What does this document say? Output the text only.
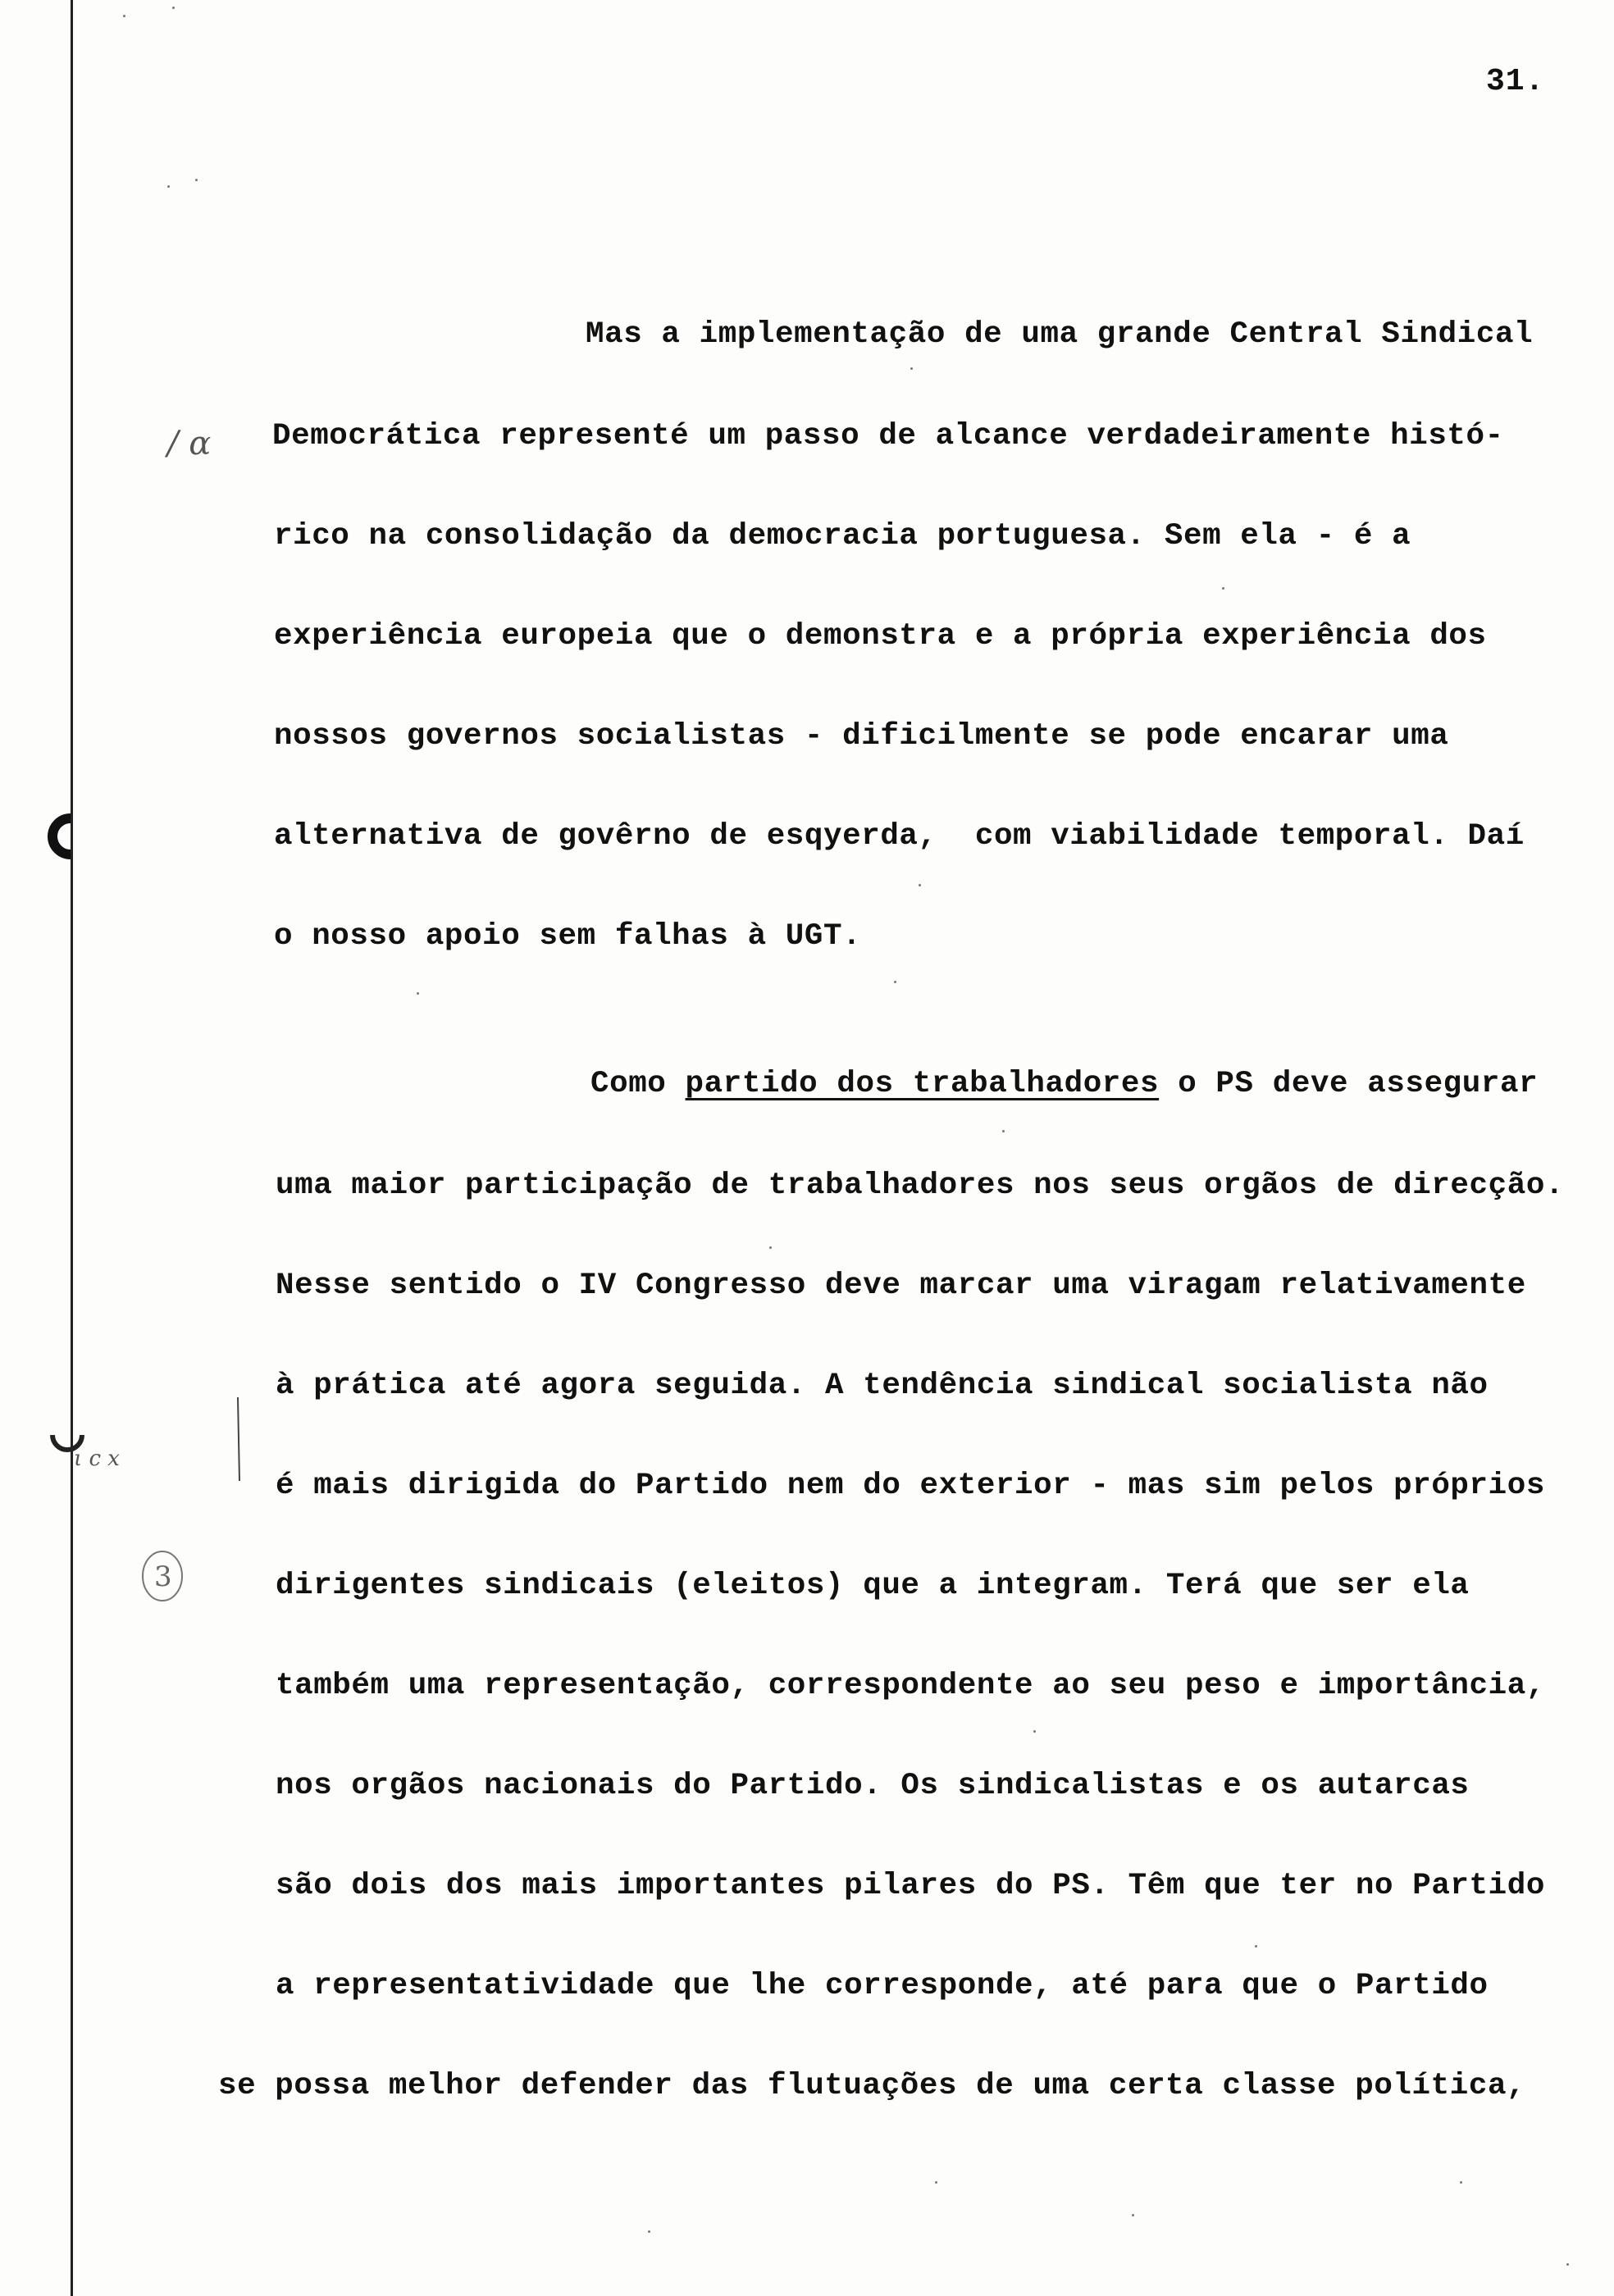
/ α
ι c x
3
31.
Mas a implementação de uma grande Central Sindical
Democrática representé um passo de alcance verdadeiramente histó-
rico na consolidação da democracia portuguesa. Sem ela - é a
experiência europeia que o demonstra e a própria experiência dos
nossos governos socialistas - dificilmente se pode encarar uma
alternativa de govêrno de esqyerda,  com viabilidade temporal. Daí
o nosso apoio sem falhas à UGT.
Como partido dos trabalhadores o PS deve assegurar
uma maior participação de trabalhadores nos seus orgãos de direcção.
Nesse sentido o IV Congresso deve marcar uma viragam relativamente
à prática até agora seguida. A tendência sindical socialista não
é mais dirigida do Partido nem do exterior - mas sim pelos próprios
dirigentes sindicais (eleitos) que a integram. Terá que ser ela
também uma representação, correspondente ao seu peso e importância,
nos orgãos nacionais do Partido. Os sindicalistas e os autarcas
são dois dos mais importantes pilares do PS. Têm que ter no Partido
a representatividade que lhe corresponde, até para que o Partido
se possa melhor defender das flutuações de uma certa classe política,
